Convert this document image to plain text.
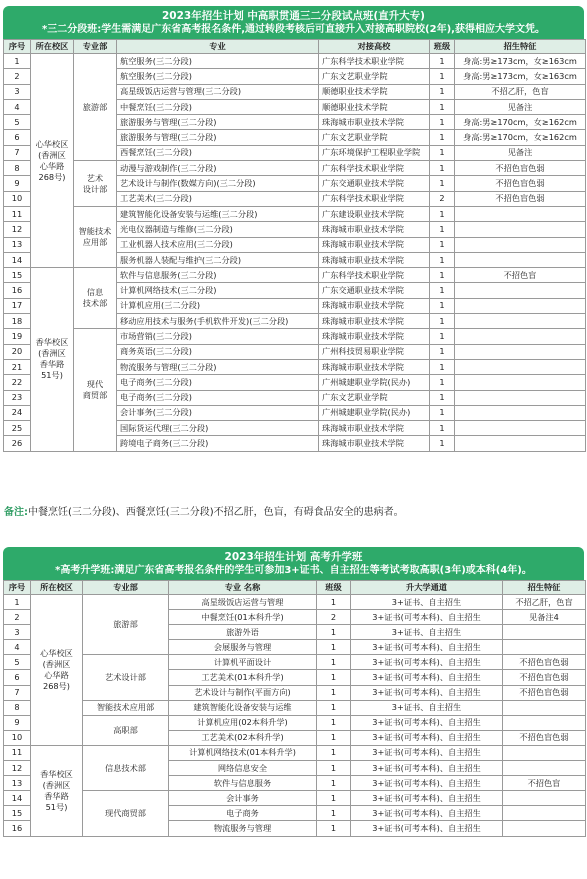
2023年招生计划 中高职贯通三二分段试点班(直升大专)
*三二分段班:学生需满足广东省高考报名条件,通过转段考核后可直接升入对接高职院校(2年),获得相应大学文凭。
序号	所在校区	专业部	专业	对接高校	班级	招生特征
1	心华校区
(香洲区
心华路
268号)	旅游部	航空服务(三二分段)	广东科学技术职业学院	1	身高:男≥173cm，女≥163cm
2			航空服务(三二分段)	广东文艺职业学院	1	身高:男≥173cm，女≥163cm
3			高星级饭店运营与管理(三二分段)	顺德职业技术学院	1	不招乙肝，色盲
4			中餐烹饪(三二分段)	顺德职业技术学院	1	见备注
5			旅游服务与管理(三二分段)	珠海城市职业技术学院	1	身高:男≥170cm，女≥162cm
6			旅游服务与管理(三二分段)	广东文艺职业学院	1	身高:男≥170cm，女≥162cm
7			西餐烹饪(三二分段)	广东环境保护工程职业学院	1	见备注
8		艺术
设计部	动漫与游戏制作(三二分段)	广东科学技术职业学院	1	不招色盲色弱
9			艺术设计与制作(数媒方向)(三二分段)	广东交通职业技术学院	1	不招色盲色弱
10			工艺美术(三二分段)	广东科学技术职业学院	2	不招色盲色弱
11		智能技术
应用部	建筑智能化设备安装与运维(三二分段)	广东建设职业技术学院	1	
12			光电仪器制造与维修(三二分段)	珠海城市职业技术学院	1	
13			工业机器人技术应用(三二分段)	珠海城市职业技术学院	1	
14			服务机器人装配与维护(三二分段)	珠海城市职业技术学院	1	
15	香华校区
(香洲区
香华路
51号)	信息
技术部	软件与信息服务(三二分段)	广东科学技术职业学院	1	不招色盲
16			计算机网络技术(三二分段)	广东交通职业技术学院	1	
17			计算机应用(三二分段)	珠海城市职业技术学院	1	
18			移动应用技术与服务(手机软件开发)(三二分段)	珠海城市职业技术学院	1	
19		现代
商贸部	市场营销(三二分段)	珠海城市职业技术学院	1	
20			商务英语(三二分段)	广州科技贸易职业学院	1	
21			物流服务与管理(三二分段)	珠海城市职业技术学院	1	
22			电子商务(三二分段)	广州城建职业学院(民办)	1	
23			电子商务(三二分段)	广东文艺职业学院	1	
24			会计事务(三二分段)	广州城建职业学院(民办)	1	
25			国际货运代理(三二分段)	珠海城市职业技术学院	1	
26			跨境电子商务(三二分段)	珠海城市职业技术学院	1	
备注:中餐烹饪(三二分段)、西餐烹饪(三二分段)不招乙肝，色盲，有碍食品安全的患病者。
2023年招生计划 高考升学班
*高考升学班:满足广东省高考报名条件的学生可参加3+证书、自主招生等考试考取高职(3年)或本科(4年)。
序号	所在校区	专业部	专业 名称	班级	升大学通道	招生特征
1	心华校区
(香洲区
心华路
268号)	旅游部	高星级饭店运营与管理	1	3+证书、自主招生	不招乙肝，色盲
2			中餐烹饪(01本科升学)	2	3+证书(可考本科)、自主招生	见备注4
3			旅游外语	1	3+证书、自主招生	
4			会展服务与管理	1	3+证书(可考本科)、自主招生	
5		艺术设计部	计算机平面设计	1	3+证书(可考本科)、自主招生	不招色盲色弱
6			工艺美术(01本科升学)	1	3+证书(可考本科)、自主招生	不招色盲色弱
7			艺术设计与制作(平面方向)	1	3+证书(可考本科)、自主招生	不招色盲色弱
8		智能技术应用部	建筑智能化设备安装与运维	1	3+证书、自主招生	
9		高职部	计算机应用(02本科升学)	1	3+证书(可考本科)、自主招生	
10			工艺美术(02本科升学)	1	3+证书(可考本科)、自主招生	不招色盲色弱
11	香华校区
(香洲区
香华路
51号)	信息技术部	计算机网络技术(01本科升学)	1	3+证书(可考本科)、自主招生	
12			网络信息安全	1	3+证书(可考本科)、自主招生	
13			软件与信息服务	1	3+证书(可考本科)、自主招生	不招色盲
14		现代商贸部	会计事务	1	3+证书(可考本科)、自主招生	
15			电子商务	1	3+证书(可考本科)、自主招生	
16			物流服务与管理	1	3+证书(可考本科)、自主招生	
